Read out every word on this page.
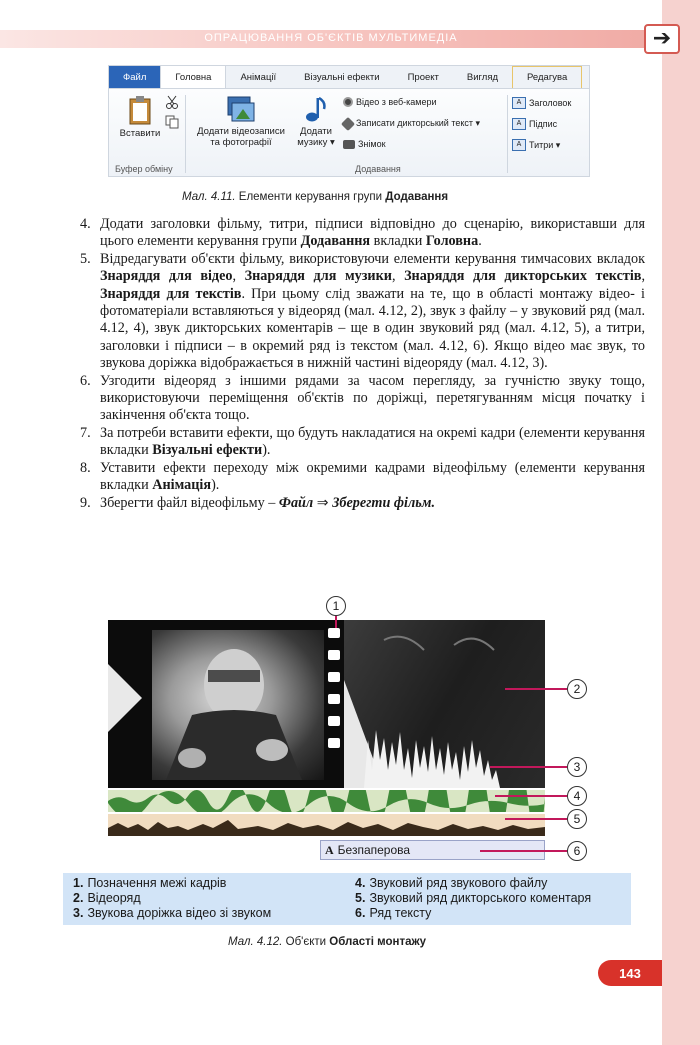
ОПРАЦЮВАННЯ ОБ'ЄКТІВ МУЛЬТИМЕДІА	➔
Файл	Головна	Анімації	Візуальні ефекти	Проект	Вигляд	Редагува
Вставити
Буфер обміну
Додати відеозаписи
та фотографії
Додати
музику ▾
Відео з веб-камери
Записати дикторський текст ▾
Знімок
Додавання
A Заголовок
A Підпис
A Титри ▾
Мал. 4.11. Елементи керування групи Додавання

4. Додати заголовки фільму, титри, підписи відповідно до сценарію, використавши для цього елементи керування групи Додавання вкладки Головна.

5. Відредагувати об'єкти фільму, використовуючи елементи керування тимчасових вкладок Знаряддя для відео, Знаряддя для музики, Знаряддя для дикторських текстів, Знаряддя для текстів. При цьому слід зважати на те, що в області монтажу відео- і фотоматеріали вставляються у відеоряд (мал. 4.12, 2), звук з файлу – у звуковий ряд (мал. 4.12, 4), звук дикторських коментарів – ще в один звуковий ряд (мал. 4.12, 5), а титри, заголовки і підписи – в окремий ряд із текстом (мал. 4.12, 6). Якщо відео має звук, то звукова доріжка відображається в нижній частині відеоряду (мал. 4.12, 3).

6. Узгодити відеоряд з іншими рядами за часом перегляду, за гучністю звуку тощо, використовуючи переміщення об'єктів по доріжці, перетягуванням місця початку і закінчення об'єкта тощо.

7. За потреби вставити ефекти, що будуть накладатися на окремі кадри (елементи керування вкладки Візуальні ефекти).

8. Уставити ефекти переходу між окремими кадрами відеофільму (елементи керування вкладки Анімація).

9. Зберегти файл відеофільму – Файл ⇒ Зберегти фільм.

A Безпаперова
1
2
3
4
5
6
1. Позначення межі кадрів
2. Відеоряд
3. Звукова доріжка відео зі звуком
4. Звуковий ряд звукового файлу
5. Звуковий ряд дикторського коментаря
6. Ряд тексту
Мал. 4.12. Об'єкти Області монтажу
143
